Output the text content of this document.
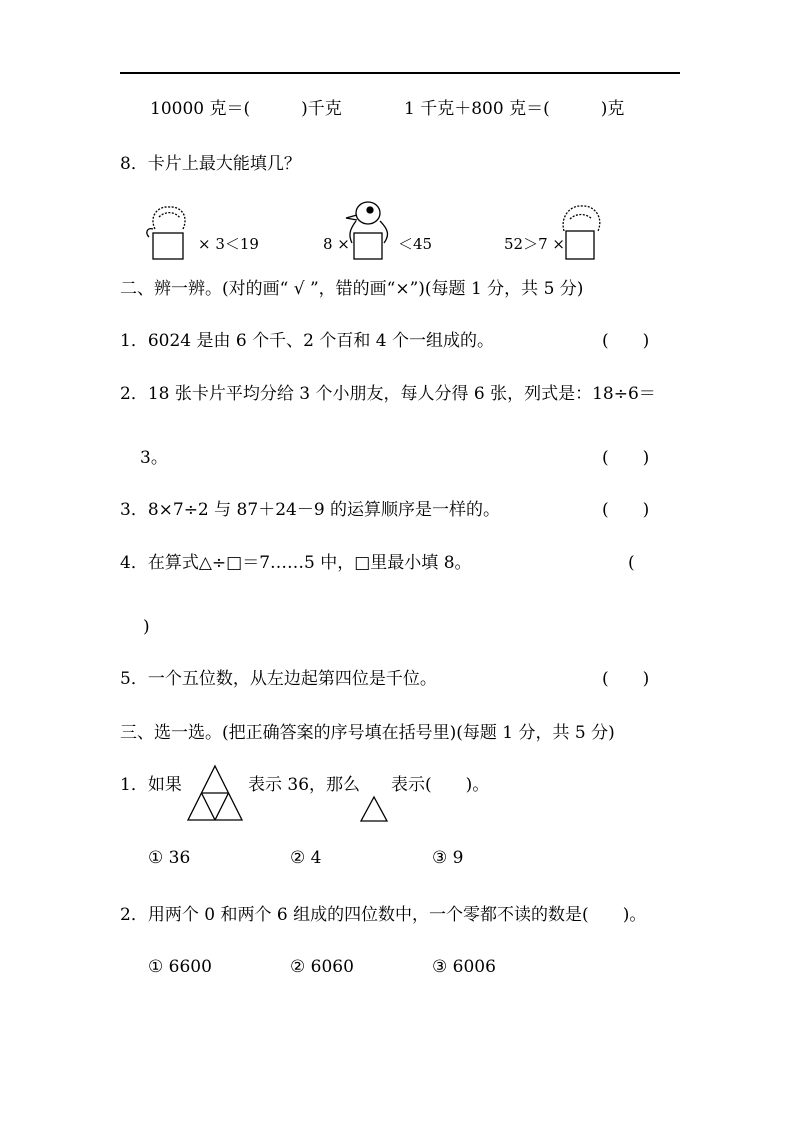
10000 克＝(　　　)千克	1 千克＋800 克＝(　　　)克
8．卡片上最大能填几？
× 3＜19	8 ×	＜45	52＞7 ×
二、辨一辨。(对的画“ √ ”，错的画“×”)(每题 1 分，共 5 分)
1．6024 是由 6 个千、2 个百和 4 个一组成的。	(　　)
2．18 张卡片平均分给 3 个小朋友，每人分得 6 张，列式是：18÷6＝
3。	(　　)
3．8×7÷2 与 87＋24－9 的运算顺序是一样的。	(　　)
4．在算式△÷□＝7……5 中，□里最小填 8。	(
)
5．一个五位数，从左边起第四位是千位。	(　　)
三、选一选。(把正确答案的序号填在括号里)(每题 1 分，共 5 分)
1．如果	表示 36，那么 表示(　　)。
① 36	② 4	③ 9
2．用两个 0 和两个 6 组成的四位数中，一个零都不读的数是(　　)。
① 6600	② 6060	③ 6006
